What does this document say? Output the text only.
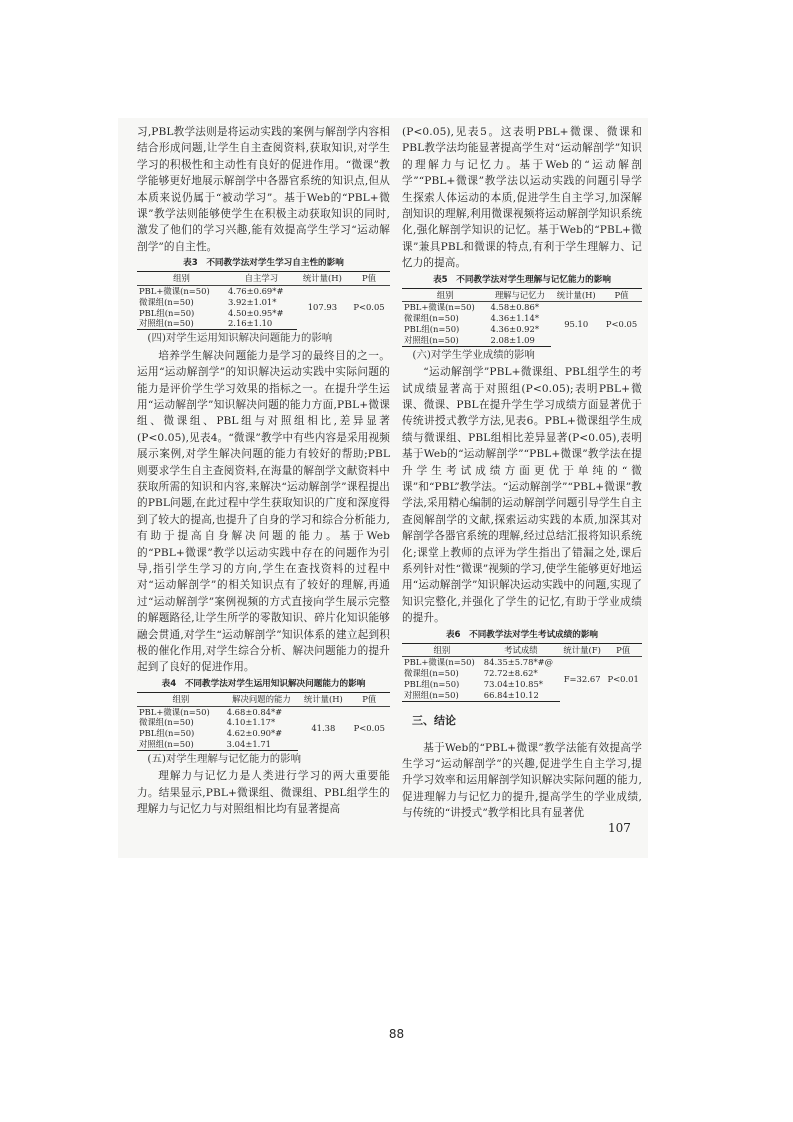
习,PBL教学法则是将运动实践的案例与解剖学内容相结合形成问题,让学生自主查阅资料,获取知识,对学生学习的积极性和主动性有良好的促进作用。“微课”教学能够更好地展示解剖学中各器官系统的知识点,但从本质来说仍属于“被动学习”。基于Web的“PBL+微课”教学法则能够使学生在积极主动获取知识的同时,激发了他们的学习兴趣,能有效提高学生学习“运动解剖学”的自主性。

表3　不同教学法对学生学习自主性的影响
组别	自主学习	统计量(H)	P值
PBL+微课(n=50)	4.76±0.69*#	107.93	P<0.05
微课组(n=50)	3.92±1.01*		
PBL组(n=50)	4.50±0.95*#		
对照组(n=50)	2.16±1.10		
(四)对学生运用知识解决问题能力的影响

培养学生解决问题能力是学习的最终目的之一。运用“运动解剖学”的知识解决运动实践中实际问题的能力是评价学生学习效果的指标之一。在提升学生运用“运动解剖学”知识解决问题的能力方面,PBL+微课组、微课组、PBL组与对照组相比,差异显著(P<0.05),见表4。“微课”教学中有些内容是采用视频展示案例,对学生解决问题的能力有较好的帮助;PBL则要求学生自主查阅资料,在海量的解剖学文献资料中获取所需的知识和内容,来解决“运动解剖学”课程提出的PBL问题,在此过程中学生获取知识的广度和深度得到了较大的提高,也提升了自身的学习和综合分析能力,有助于提高自身解决问题的能力。基于Web的“PBL+微课”教学以运动实践中存在的问题作为引导,指引学生学习的方向,学生在查找资料的过程中对“运动解剖学”的相关知识点有了较好的理解,再通过“运动解剖学”案例视频的方式直接向学生展示完整的解题路径,让学生所学的零散知识、碎片化知识能够融会贯通,对学生“运动解剖学”知识体系的建立起到积极的催化作用,对学生综合分析、解决问题能力的提升起到了良好的促进作用。

表4　不同教学法对学生运用知识解决问题能力的影响
组别	解决问题的能力	统计量(H)	P值
PBL+微课(n=50)	4.68±0.84*#	41.38	P<0.05
微课组(n=50)	4.10±1.17*		
PBL组(n=50)	4.62±0.90*#		
对照组(n=50)	3.04±1.71		
(五)对学生理解与记忆能力的影响

理解力与记忆力是人类进行学习的两大重要能力。结果显示,PBL+微课组、微课组、PBL组学生的理解力与记忆力与对照组相比均有显著提高

(P<0.05),见表5。这表明PBL+微课、微课和PBL教学法均能显著提高学生对“运动解剖学”知识的理解力与记忆力。基于Web的“运动解剖学”“PBL+微课”教学法以运动实践的问题引导学生探索人体运动的本质,促进学生自主学习,加深解剖知识的理解,利用微课视频将运动解剖学知识系统化,强化解剖学知识的记忆。基于Web的“PBL+微课”兼具PBL和微课的特点,有利于学生理解力、记忆力的提高。

表5　不同教学法对学生理解与记忆能力的影响
组别	理解与记忆力	统计量(H)	P值
PBL+微课(n=50)	4.58±0.86*	95.10	P<0.05
微课组(n=50)	4.36±1.14*		
PBL组(n=50)	4.36±0.92*		
对照组(n=50)	2.08±1.09		
(六)对学生学业成绩的影响

“运动解剖学”PBL+微课组、PBL组学生的考试成绩显著高于对照组(P<0.05);表明PBL+微课、微课、PBL在提升学生学习成绩方面显著优于传统讲授式教学方法,见表6。PBL+微课组学生成绩与微课组、PBL组相比差异显著(P<0.05),表明基于Web的“运动解剖学”“PBL+微课”教学法在提升学生考试成绩方面更优于单纯的“微课”和“PBL”教学法。“运动解剖学”“PBL+微课”教学法,采用精心编制的运动解剖学问题引导学生自主查阅解剖学的文献,探索运动实践的本质,加深其对解剖学各器官系统的理解,经过总结汇报将知识系统化;课堂上教师的点评为学生指出了错漏之处,课后系列针对性“微课”视频的学习,使学生能够更好地运用“运动解剖学”知识解决运动实践中的问题,实现了知识完整化,并强化了学生的记忆,有助于学业成绩的提升。

表6　不同教学法对学生考试成绩的影响
组别	考试成绩	统计量(F)	P值
PBL+微课(n=50)	84.35±5.78*#@	F=32.67	P<0.01
微课组(n=50)	72.72±8.62*		
PBL组(n=50)	73.04±10.85*		
对照组(n=50)	66.84±10.12		
三、结论

基于Web的“PBL+微课”教学法能有效提高学生学习“运动解剖学”的兴趣,促进学生自主学习,提升学习效率和运用解剖学知识解决实际问题的能力,促进理解力与记忆力的提升,提高学生的学业成绩,与传统的“讲授式”教学相比具有显著优

107
88
